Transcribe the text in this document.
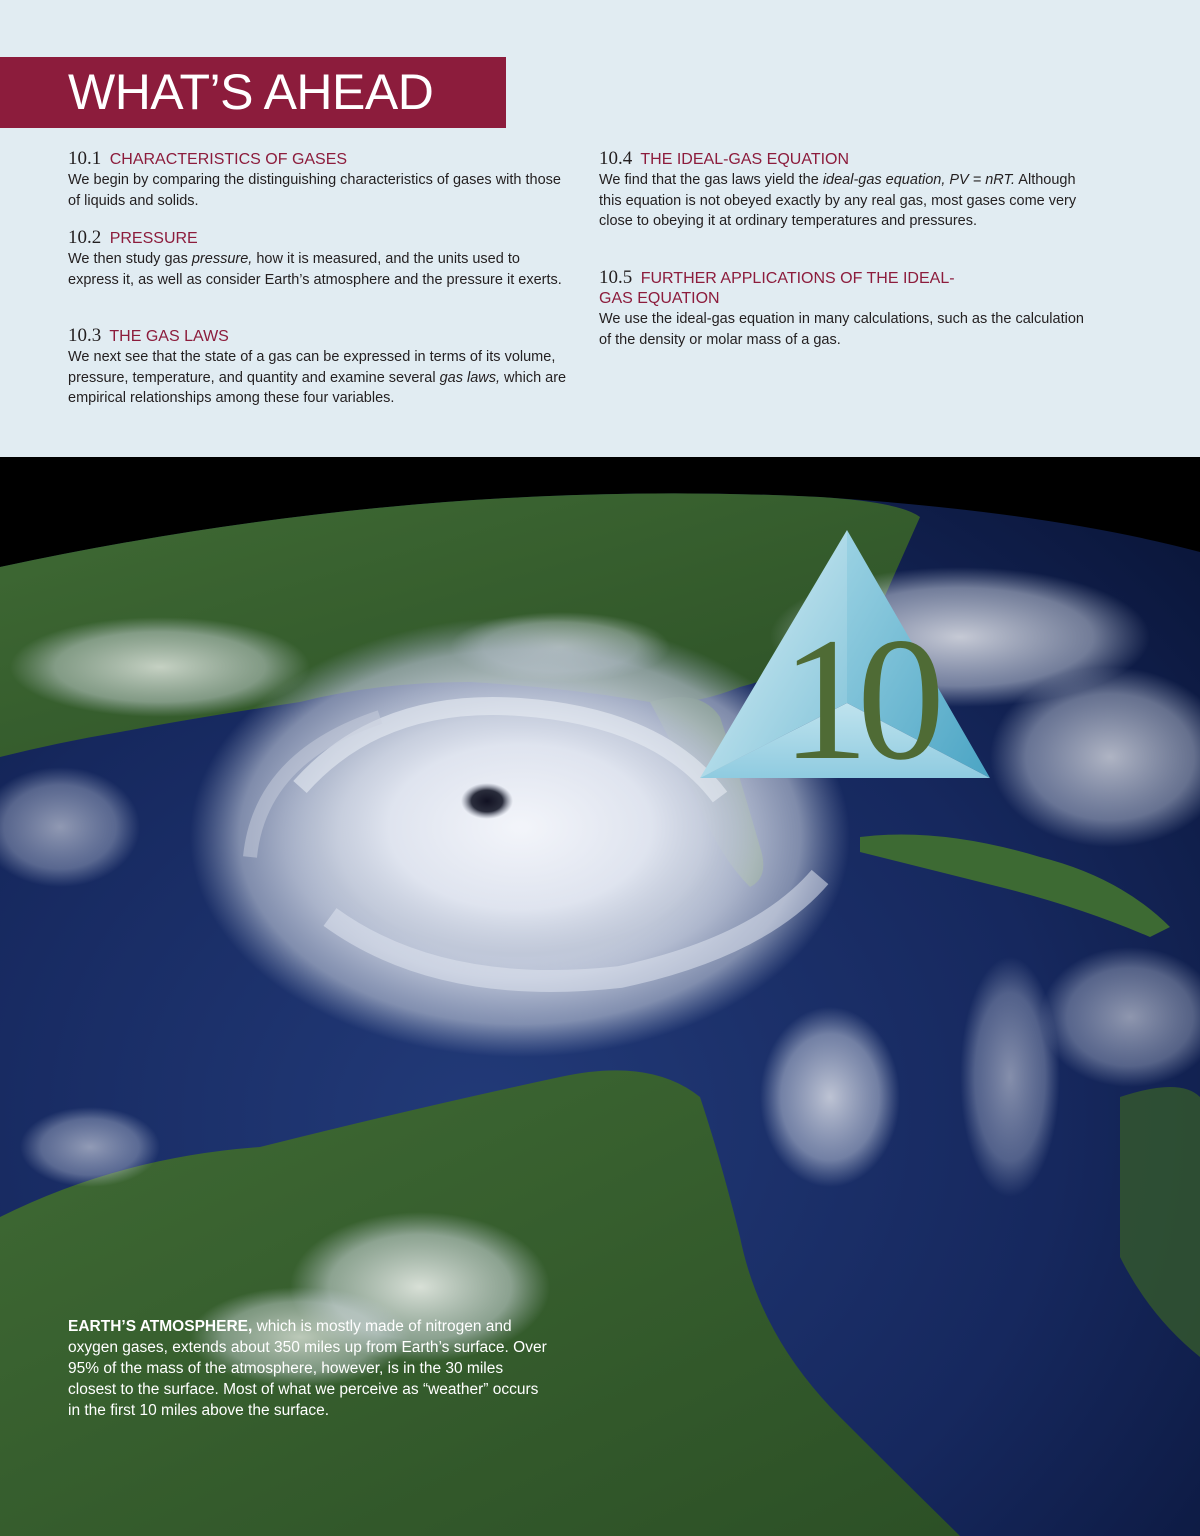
WHAT’S AHEAD
10.1 CHARACTERISTICS OF GASES
We begin by comparing the distinguishing characteristics of gases with those of liquids and solids.
10.2 PRESSURE
We then study gas pressure, how it is measured, and the units used to express it, as well as consider Earth’s atmosphere and the pressure it exerts.
10.3 THE GAS LAWS
We next see that the state of a gas can be expressed in terms of its volume, pressure, temperature, and quantity and examine several gas laws, which are empirical relationships among these four variables.
10.4 THE IDEAL-GAS EQUATION
We find that the gas laws yield the ideal-gas equation, PV = nRT. Although this equation is not obeyed exactly by any real gas, most gases come very close to obeying it at ordinary temperatures and pressures.
10.5 FURTHER APPLICATIONS OF THE IDEAL-GAS EQUATION
We use the ideal-gas equation in many calculations, such as the calculation of the density or molar mass of a gas.
10
EARTH’S ATMOSPHERE, which is mostly made of nitrogen and oxygen gases, extends about 350 miles up from Earth’s surface. Over 95% of the mass of the atmosphere, however, is in the 30 miles closest to the surface. Most of what we perceive as “weather” occurs in the first 10 miles above the surface.
